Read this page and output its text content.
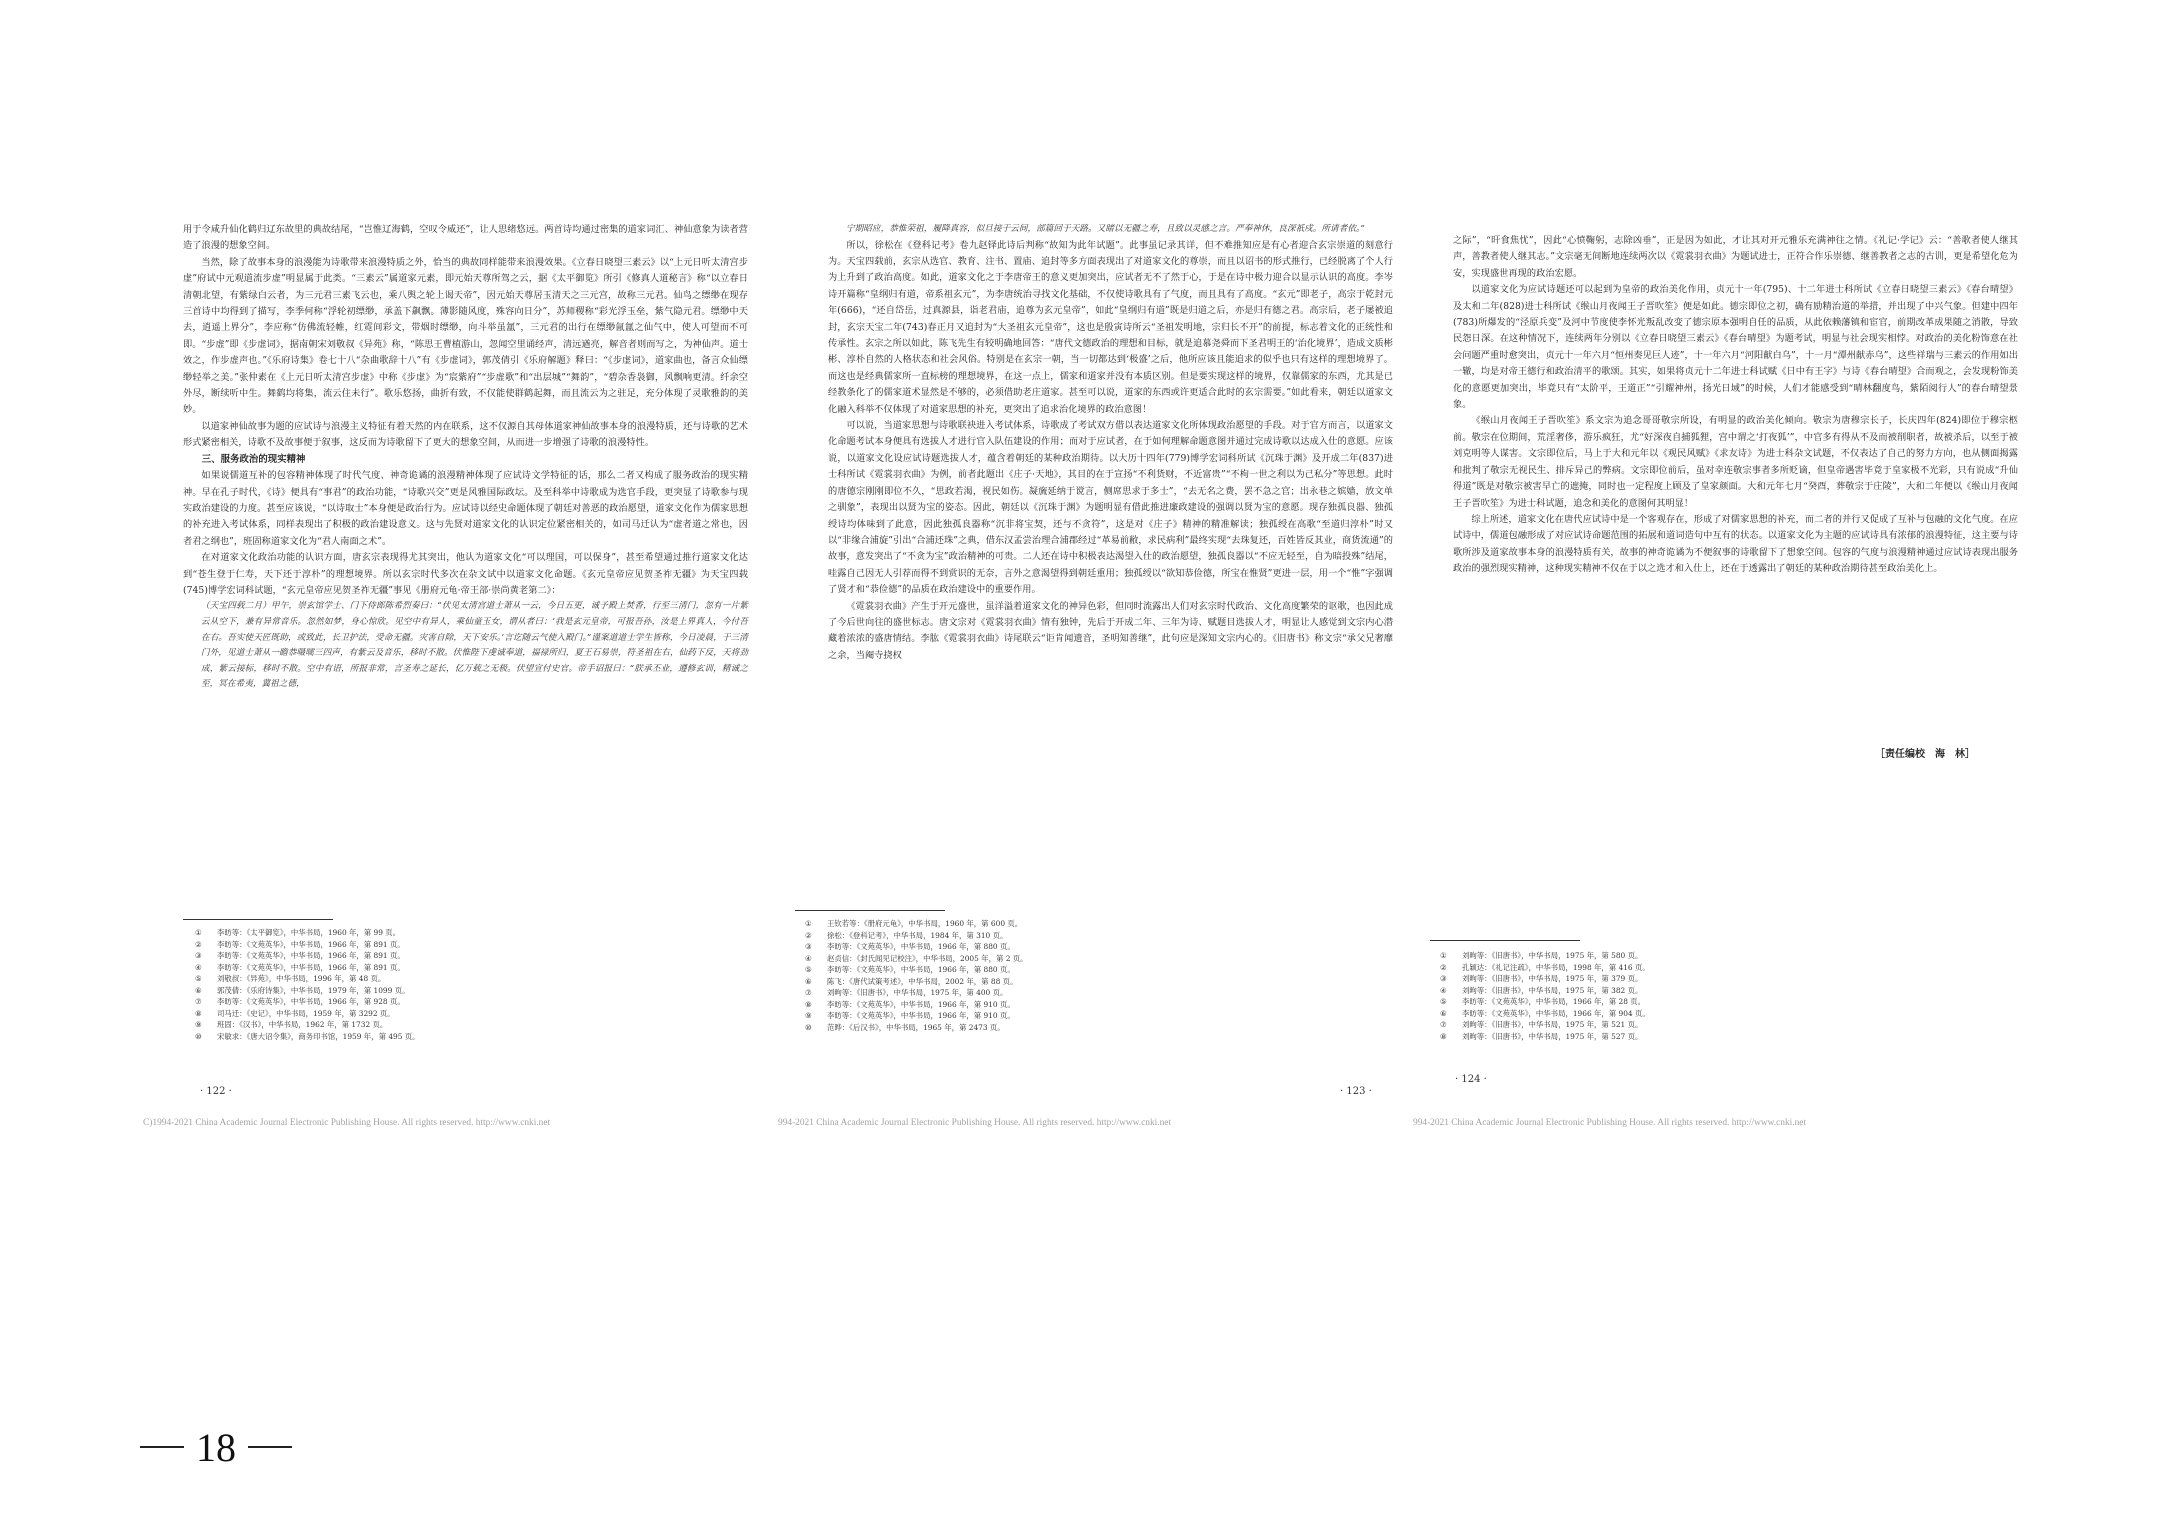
用于令咸升仙化鹤归辽东故里的典故结尾，“岂惟辽海鹤，空叹令威还”，让人思绪悠远。两首诗均通过密集的道家词汇、神仙意象为读者营造了浪漫的想象空间。

当然，除了故事本身的浪漫能为诗歌带来浪漫特质之外，恰当的典故同样能带来浪漫效果。《立春日晓望三素云》以“上元日听太清宫步虚”府试中元观道流步虚”明显属于此类。“三素云”属道家元素，即元始天尊所驾之云，据《太平御览》所引《修真人道秘言》称“以立春日清朝北望，有紫绿白云者，为三元君三素飞云也，乘八舆之轮上谒天帝”，因元始天尊居玉清天之三元宫，故称三元君。仙鸟之缥缈在现存三首诗中均得到了描写，李季何称“浮轮初缥缈，承盖下飙飘。薄影随风度，殊容向日分”，苏师稷称“彩光浮玉垒，紫气隐元君。缥缈中天去，逍遥上界分”，李应称“仿佛流轻帷，红霓间彩文，带烟时缥缈，向斗举虽氲”，三元君的出行在缥缈氤氲之仙气中，使人可望而不可即。“步虚”即《步虚词》，据南朝宋刘敬叔《异苑》称，“陈思王曹植游山，忽闻空里诵经声，清远遒亮，解音者则而写之，为神仙声。道士效之，作步虚声也。”《乐府诗集》卷七十八“杂曲歌辞十八”有《步虚词》，郭茂倩引《乐府解题》释曰：“《步虚词》，道家曲也，备言众仙缥缈轻举之美。”张仲素在《上元日听太清宫步虚》中称《步虚》为“宸紫府”“步虚歌”和“出层城”“舞韵”，“碧杂香袅御，风飘响更清。纤余空外尽，断续听中生。舞鹤均将集，流云住未行”。歌乐悠扬，曲折有致，不仅能使群鹤起舞，而且流云为之驻足，充分体现了灵歌雅韵的美妙。

以道家神仙故事为题的应试诗与浪漫主义特征有着天然的内在联系，这不仅源自其母体道家神仙故事本身的浪漫特质，还与诗歌的艺术形式紧密相关，诗歌不及故事便于叙事，这反而为诗歌留下了更大的想象空间，从而进一步增强了诗歌的浪漫特性。

三、服务政治的现实精神

如果说儒道互补的包容精神体现了时代气度、神奇诡谲的浪漫精神体现了应试诗文学特征的话，那么二者又构成了服务政治的现实精神。早在孔子时代，《诗》便具有“事君”的政治功能，“诗歌兴交”更是风雅国际政坛。及至科举中诗歌成为选官手段，更突显了诗歌参与现实政治建设的力度。甚至应该说，“以诗取士”本身便是政治行为。应试诗以经史命题体现了朝廷对善恶的政治愿望，道家文化作为儒家思想的补充进入考试体系，同样表现出了积极的政治建设意义。这与先贤对道家文化的认识定位紧密相关的，如司马迁认为“虚者道之常也，因者君之纲也”，班固称道家文化为“君人南面之术”。

在对道家文化政治功能的认识方面，唐玄宗表现得尤其突出，他认为道家文化“可以理国，可以保身”，甚至希望通过推行道家文化达到“苍生登于仁寿，天下还于淳朴”的理想境界。所以玄宗时代多次在杂文试中以道家文化命题。《玄元皇帝应见贺圣祚无疆》为天宝四载(745)博学宏词科试题，“玄元皇帝应见贺圣祚无疆”事见《册府元龟·帝王部·崇尚黄老第二》：

（天宝四载二月）甲午，崇玄馆学士、门下侍郎陈希烈奏曰：“伏见太清宫道士萧从一云，今日五更，诚予殿上焚香，行至三清门，忽有一片紫云从空下，兼有异常音乐。忽然如梦，身心惊欣。见空中有异人，乘仙童玉女，谓从者曰：‘我是玄元皇帝，可报吾孙，汝是上界真人，今付吾在右。吾实使天匠既助，或致此，长卫护法，受命无疆。灾害自除，天下安乐。’言讫随云气使入殿门。”谨案道道士学生皆称，今日凌晨，于三清门外，见道士萧从一瞻恭嗫嚅三四声，有紫云及音乐，移时不散。伏惟陛下虔诚奉道，福禄所归，夏王石易崇，符圣祖在右，仙药下反，天将劲成，紫云接标，移时不散。空中有语，所报非常，言圣寿之延长，亿万载之无极。伏望宣付史官。帝手诏报曰：“朕承丕业，遵修玄训，精诚之至，冥在希夷，冀祖之德，
① 李昉等：《太平御览》，中华书局，1960 年，第 99 页。
② 李昉等：《文苑英华》，中华书局，1966 年，第 891 页。
③ 李昉等：《文苑英华》，中华书局，1966 年，第 891 页。
④ 李昉等：《文苑英华》，中华书局，1966 年，第 891 页。
⑤ 刘敬叔：《异苑》，中华书局，1996 年，第 48 页。
⑥ 郭茂倩：《乐府诗集》，中华书局，1979 年，第 1099 页。
⑦ 李昉等：《文苑英华》，中华书局，1966 年，第 928 页。
⑧ 司马迁：《史记》，中华书局，1959 年，第 3292 页。
⑨ 班固：《汉书》，中华书局，1962 年，第 1732 页。
⑩ 宋敏求：《唐大诏令集》，商务印书馆，1959 年，第 495 页。
· 122 ·
C)1994-2021 China Academic Journal Electronic Publishing House. All rights reserved. http://www.cnki.net
宁期昭应，恭惟荣祖，履降真容，似旦接于云间，部篇回于天路。又睹以无疆之寿，且致以灵感之言。严奉神休，良深祇戍。所请者依。”

所以，徐松在《登科记考》卷九赵铎此诗后判称“故知为此年试题”。此事虽记录其详，但不难推知应是有心者迎合玄宗崇道的刻意行为。天宝四载前，玄宗从选官、教育、注书、置庙、追封等多方面表现出了对道家文化的尊崇，而且以诏书的形式推行，已经脱离了个人行为上升到了政治高度。如此，道家文化之于李唐帝王的意义更加突出，应试者无不了然于心，于是在诗中极力迎合以显示认识的高度。李岑诗开篇称“皇纲归有道，帝系祖玄元”，为李唐统治寻找文化基础，不仅使诗歌具有了气度，而且具有了高度。“玄元”即老子，高宗于乾封元年(666)，“还自岱岳，过真源县，诣老君庙，追尊为玄元皇帝”，如此“皇纲归有道”既是归道之后，亦是归有德之君。高宗后，老子屡被追封，玄宗天宝二年(743)春正月又追封为“大圣祖玄元皇帝”，这也是殷寅诗所云“圣祖发明地，宗归长不开”的前提，标志着文化的正统性和传承性。玄宗之所以如此，陈飞先生有较明确地回答：“唐代文德政治的理想和目标，就是追慕尧舜而下圣君明王的‘治化境界’，造成文质彬彬、淳朴自然的人格状态和社会风俗。特别是在玄宗一朝，当一切都达到‘极盛’之后，他所应该且能追求的似乎也只有这样的理想境界了。而这也是经典儒家所一直标榜的理想境界，在这一点上，儒家和道家并没有本质区别。但是要实现这样的境界，仅靠儒家的东西，尤其是已经教条化了的儒家道术显然是不够的，必须借助老庄道家。甚至可以说，道家的东西或许更适合此时的玄宗需要。”如此看来，朝廷以道家文化融入科举不仅体现了对道家思想的补充，更突出了追求治化境界的政治意图！

可以说，当道家思想与诗歌联袂进入考试体系，诗歌成了考试双方借以表达道家文化所体现政治愿望的手段。对于官方而言，以道家文化命题考试本身便具有选拔人才进行官入队伍建设的作用；而对于应试者，在于如何理解命题意图并通过完成诗歌以达成入仕的意愿。应该说，以道家文化设应试诗题选拔人才，蕴含着朝廷的某种政治期待。以大历十四年(779)博学宏词科所试《沉珠于渊》及开成二年(837)进士科所试《霓裳羽衣曲》为例，前者此题出《庄子·天地》，其目的在于宣扬“不利货财，不近富贵”“不枸一世之利以为己私分”等思想。此时的唐德宗刚刚即位不久，“思政若渴，视民如伤。凝旒延纳于谠言，侧席思求于多士”，“去无名之费，罢不急之官；出永巷之嫔嫱，放文单之驯象”，表现出以贤为宝的姿态。因此，朝廷以《沉珠于渊》为题明显有借此推进廉政建设的强调以贤为宝的意愿。现存独孤良器、独孤绶诗均体味到了此意，因此独孤良器称“沉非将宝契，还与不贪符”，这是对《庄子》精神的精准解读；独孤绶在高歌“至道归淳朴”时又以“非缘合浦旋”引出“合浦还珠”之典，借东汉孟尝治理合浦郡经过“革易前敝，求民病利”最终实现“去珠复还，百姓皆反其业，商货流通”的故事，意发突出了“不贪为宝”政治精神的可贵。二人还在诗中积极表达渴望入仕的政治愿望，独孤良器以“不应无轻至，自为暗投殊”结尾，哇露自己因无人引荐而得不到赏识的无奈，言外之意渴望得到朝廷重用；独孤绶以“欲知恭俭德，所宝在惟贤”更进一层，用一个“惟”字强调了贤才和“恭俭德”的品质在政治建设中的重要作用。

《霓裳羽衣曲》产生于开元盛世，虽洋溢着道家文化的神异色彩，但同时流露出人们对玄宗时代政治、文化高度繁荣的讴歌，也因此成了今后世向往的盛世标志。唐文宗对《霓裳羽衣曲》情有独钟，先后于开成二年、三年为诗、赋题目选拔人才，明显让人感觉到文宗内心潜藏着浓浓的盛唐情结。李肱《霓裳羽衣曲》诗尾联云“讵肯闻遗音，圣明知善继”，此句应是深知文宗内心的。《旧唐书》称文宗“承父兄奢靡之余，当阉寺挠权

① 王钦若等：《册府元龟》，中华书局，1960 年，第 600 页。
② 徐松：《登科记考》，中华书局，1984 年，第 310 页。
③ 李昉等：《文苑英华》，中华书局，1966 年，第 880 页。
④ 赵贞信：《封氏闻见记校注》，中华书局，2005 年，第 2 页。
⑤ 李昉等：《文苑英华》，中华书局，1966 年，第 880 页。
⑥ 陈飞：《唐代试策考述》，中华书局，2002 年，第 88 页。
⑦ 刘昫等：《旧唐书》，中华书局，1975 年，第 400 页。
⑧ 李昉等：《文苑英华》，中华书局，1966 年，第 910 页。
⑨ 李昉等：《文苑英华》，中华书局，1966 年，第 910 页。
⑩ 范晔：《后汉书》，中华书局，1965 年，第 2473 页。
· 123 ·
994-2021 China Academic Journal Electronic Publishing House. All rights reserved. http://www.cnki.net

之际”，“旰食焦忧”，因此“心愤鞠躬，志除凶垂”，正是因为如此，才让其对开元雅乐充满神往之情。《礼记·学记》云：“善歌者使人继其声，善教者使人继其志。”文宗毫无间断地连续两次以《霓裳羽衣曲》为题试进士，正符合作乐崇德、继善教者之志的古训，更是希望化危为安，实现盛世再现的政治宏愿。

以道家文化为应试诗题还可以起到为皇帝的政治美化作用，贞元十一年(795)、十二年进士科所试《立春日晓望三素云》《春台晴望》及太和二年(828)进士科所试《缑山月夜闻王子晋吹笙》便是如此。德宗即位之初，确有励精治道的举措，并出现了中兴气象。但建中四年(783)所爆发的“泾原兵变”及河中节度使李怀光叛乱改变了德宗原本强明自任的品质，从此依赖藩镇和宦官，前期改革成果随之消散，导致民怨日深。在这种情况下，连续两年分别以《立春日晓望三素云》《春台晴望》为题考试，明显与社会现实相悖。对政治的美化粉饰意在社会问题严重时愈突出，贞元十一年六月“恒州奏见巨人迹”，十一年六月“河阳献白乌”，十一月“潭州献赤乌”，这些祥瑞与三素云的作用如出一辙，均是对帝王德行和政治清平的歌颂。其实，如果将贞元十二年进士科试赋《日中有王字》与诗《春台晴望》合而观之，会发现粉饰美化的意愿更加突出，毕竟只有“太阶平，王道正”“引耀神州，扬光日域”的时候，人们才能感受到“晴林翻度鸟，紫陌阅行人”的春台晴望景象。

《缑山月夜闻王子晋吹笙》系文宗为追念哥哥敬宗所设，有明显的政治美化倾向。敬宗为唐穆宗长子，长庆四年(824)即位于穆宗柩前。敬宗在位期间，荒淫奢侈，游乐疯狂，尤“好深夜自捕狐狸，宫中谓之‘打夜狐’”，中官多有得从不及而被削职者，故被杀后，以至于被刘克明等人谋害。文宗即位后，马上于大和元年以《观民风赋》《求友诗》为进士科杂文试题，不仅表达了自己的努力方向，也从侧面揭露和批判了敬宗无视民生、排斥异己的弊病。文宗即位前后，虽对幸连敬宗事者多所贬谪，但皇帝遇害毕竟于皇家极不光彩，只有说成“升仙得道”既是对敬宗被害早亡的遮掩，同时也一定程度上顾及了皇家颜面。大和元年七月“癸酉，葬敬宗于庄陵”，大和二年便以《缑山月夜闻王子晋吹笙》为进士科试题，追念和美化的意图何其明显！

综上所述，道家文化在唐代应试诗中是一个客观存在，形成了对儒家思想的补充，而二者的并行又促成了互补与包融的文化气度。在应试诗中，儒道包融形成了对应试诗命题范围的拓展和道词造句中互有的状态。以道家文化为主题的应试诗具有浓郁的浪漫特征，这主要与诗歌所涉及道家故事本身的浪漫特质有关，故事的神奇诡谲为不便叙事的诗歌留下了想象空间。包容的气度与浪漫精神通过应试诗表现出服务政治的强烈现实精神，这种现实精神不仅在于以之选才和入仕上，还在于透露出了朝廷的某种政治期待甚至政治美化上。

［责任编校　海　林］
① 刘昫等：《旧唐书》，中华书局，1975 年，第 580 页。
② 孔颖达：《礼记注疏》，中华书局，1998 年，第 416 页。
③ 刘昫等：《旧唐书》，中华书局，1975 年，第 379 页。
④ 刘昫等：《旧唐书》，中华书局，1975 年，第 382 页。
⑤ 李昉等：《文苑英华》，中华书局，1966 年，第 28 页。
⑥ 李昉等：《文苑英华》，中华书局，1966 年，第 904 页。
⑦ 刘昫等：《旧唐书》，中华书局，1975 年，第 521 页。
⑧ 刘昫等：《旧唐书》，中华书局，1975 年，第 527 页。
· 124 ·
994-2021 China Academic Journal Electronic Publishing House. All rights reserved. http://www.cnki.net
18
